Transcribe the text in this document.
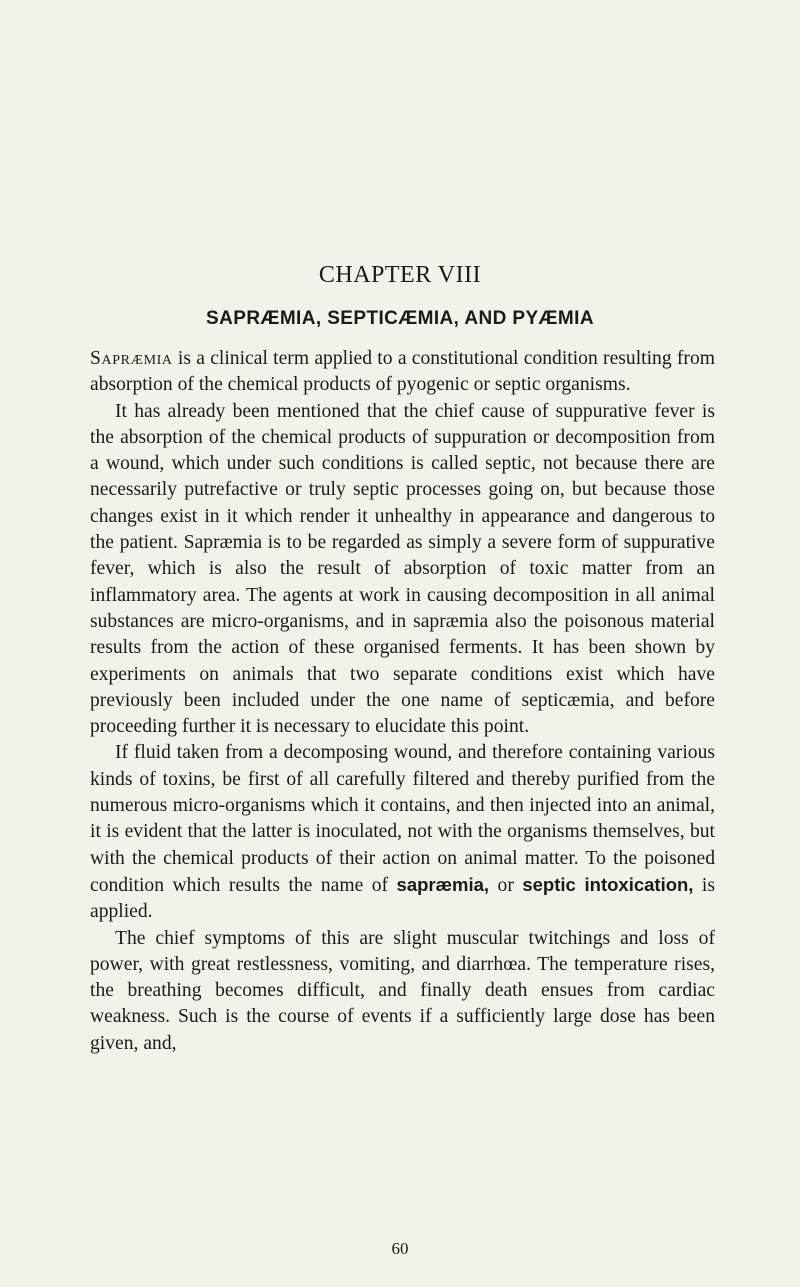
CHAPTER VIII
SAPRÆMIA, SEPTICÆMIA, AND PYÆMIA

Sapræmia is a clinical term applied to a constitutional condition resulting from absorption of the chemical products of pyogenic or septic organisms.

It has already been mentioned that the chief cause of suppurative fever is the absorption of the chemical products of suppuration or decomposition from a wound, which under such conditions is called septic, not because there are necessarily putrefactive or truly septic processes going on, but because those changes exist in it which render it unhealthy in appearance and dangerous to the patient. Sapræmia is to be regarded as simply a severe form of suppurative fever, which is also the result of absorption of toxic matter from an inflammatory area. The agents at work in causing decomposition in all animal substances are micro-organisms, and in sapræmia also the poisonous material results from the action of these organised ferments. It has been shown by experiments on animals that two separate conditions exist which have previously been included under the one name of septicæmia, and before proceeding further it is necessary to elucidate this point.

If fluid taken from a decomposing wound, and therefore containing various kinds of toxins, be first of all carefully filtered and thereby purified from the numerous micro-organisms which it contains, and then injected into an animal, it is evident that the latter is inoculated, not with the organisms themselves, but with the chemical products of their action on animal matter. To the poisoned condition which results the name of sapræmia, or septic intoxication, is applied.

The chief symptoms of this are slight muscular twitchings and loss of power, with great restlessness, vomiting, and diarrhœa. The temperature rises, the breathing becomes difficult, and finally death ensues from cardiac weakness. Such is the course of events if a sufficiently large dose has been given, and,

60
